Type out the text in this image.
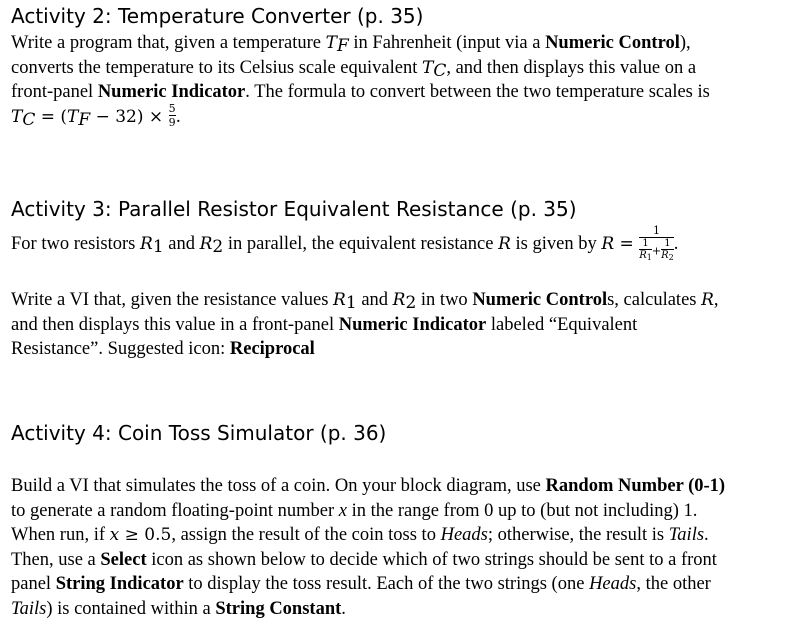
Activity 2: Temperature Converter (p. 35)
Write a program that, given a temperature $T_F$ in Fahrenheit (input via a Numeric Control),
converts the temperature to its Celsius scale equivalent $T_C$, and then displays this value on a
front-panel Numeric Indicator. The formula to convert between the two temperature scales is
$T_C = (T_F - 32) \times \frac{5}{9}$ .
Activity 3: Parallel Resistor Equivalent Resistance (p. 35)
For two resistors $R_1$ and $R_2$ in parallel, the equivalent resistance R is given by $R = \frac{1}{\frac{1}{R_1} + \frac{1}{R_2}}$ .
Write a VI that, given the resistance values $R_1$ and $R_2$ in two Numeric Controls, calculates R,
and then displays this value in a front-panel Numeric Indicator labeled “Equivalent
Resistance”. Suggested icon: Reciprocal
Activity 4: Coin Toss Simulator (p. 36)
Build a VI that simulates the toss of a coin. On your block diagram, use Random Number (0-1)
to generate a random floating-point number x in the range from 0 up to (but not including) 1.
When run, if x ≥ 0.5, assign the result of the coin toss to Heads; otherwise, the result is Tails.
Then, use a Select icon as shown below to decide which of two strings should be sent to a front
panel String Indicator to display the toss result. Each of the two strings (one Heads, the other
Tails) is contained within a String Constant.
